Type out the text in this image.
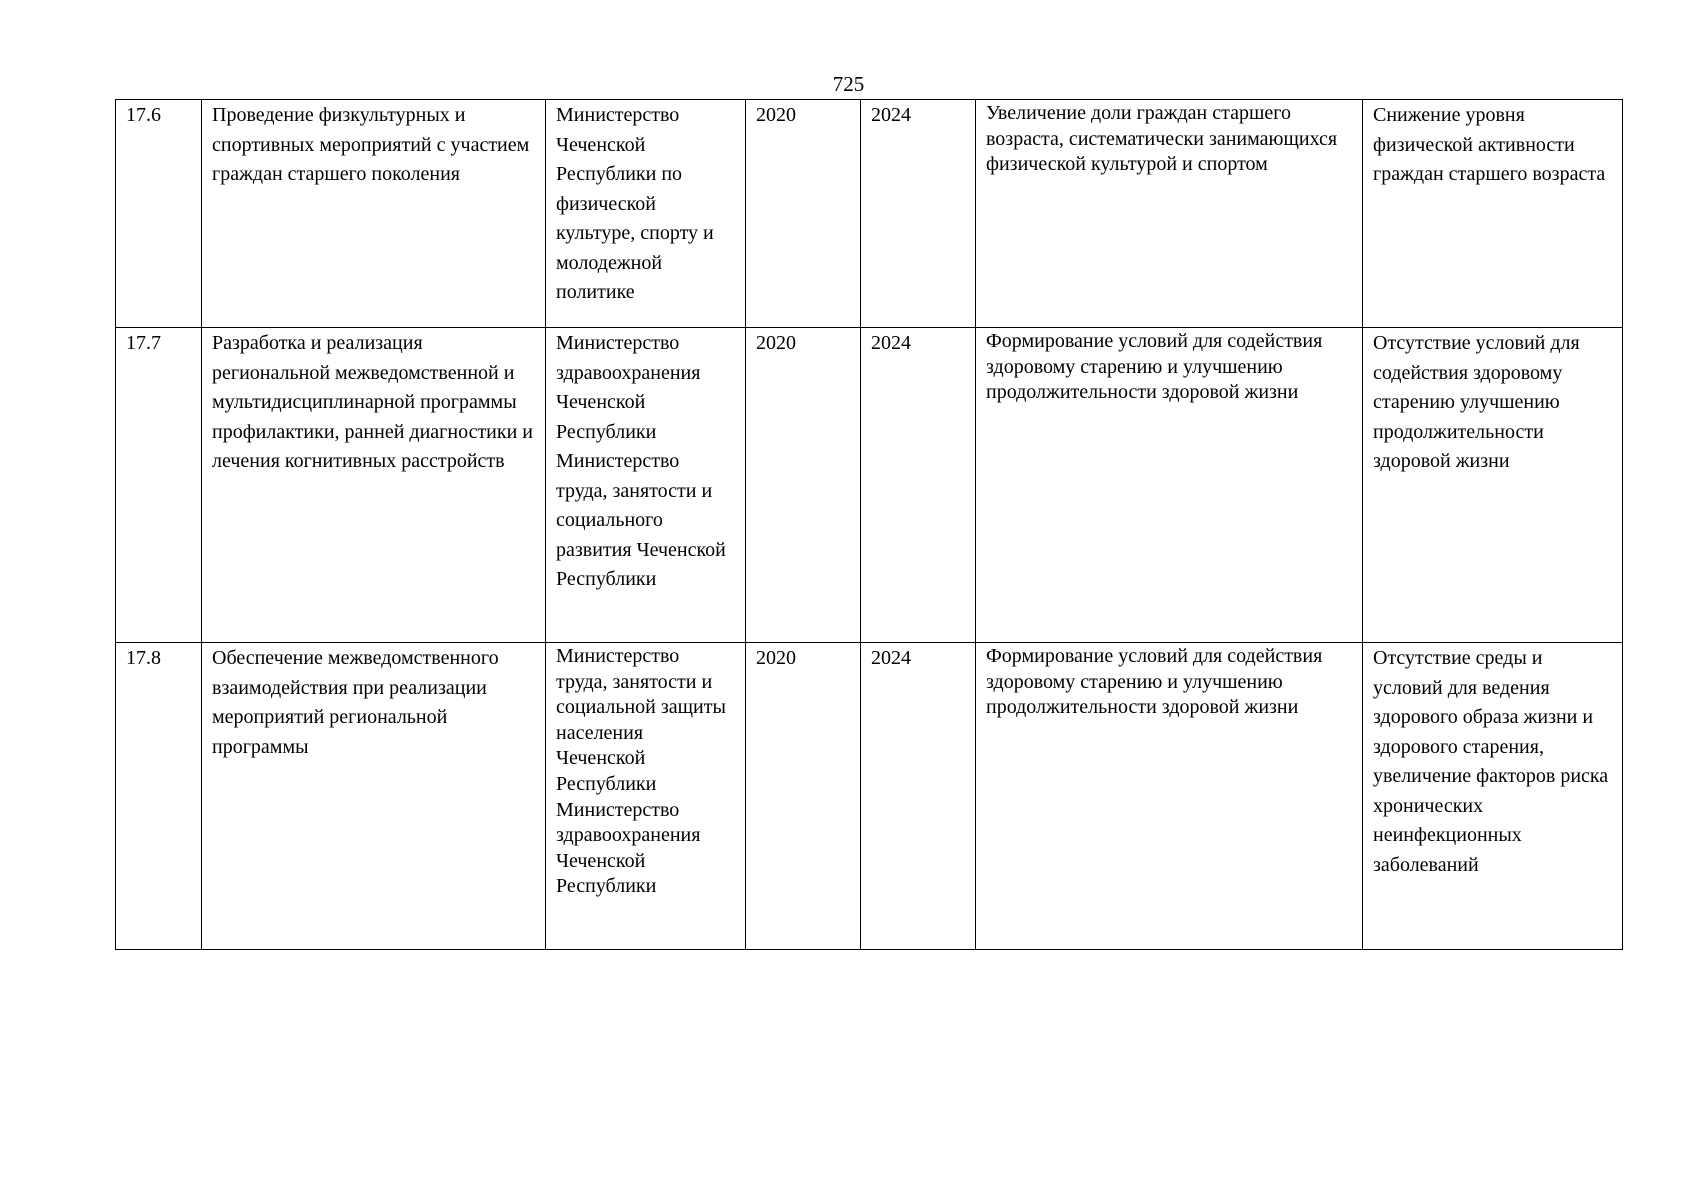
725
17.6	Проведение физкультурных и спортивных мероприятий с участием граждан старшего поколения	Министерство Чеченской Республики по физической культуре, спорту и молодежной политике	2020	2024	Увеличение доли граждан старшего возраста, систематически занимающихся физической культурой и спортом	Снижение уровня физической активности граждан старшего возраста
17.7	Разработка и реализация региональной межведомственной и мультидисциплинарной программы профилактики, ранней диагностики и лечения когнитивных расстройств	Министерство здравоохранения Чеченской Республики Министерство труда, занятости и социального развития Чеченской Республики	2020	2024	Формирование условий для содействия здоровому старению и улучшению продолжительности здоровой жизни	Отсутствие условий для содействия здоровому старению улучшению продолжительности здоровой жизни
17.8	Обеспечение межведомственного взаимодействия при реализации мероприятий региональной программы	Министерство труда, занятости и социальной защиты населения Чеченской Республики Министерство здравоохранения Чеченской Республики	2020	2024	Формирование условий для содействия здоровому старению и улучшению продолжительности здоровой жизни	Отсутствие среды и условий для ведения здорового образа жизни и здорового старения, увеличение факторов риска хронических неинфекционных заболеваний
